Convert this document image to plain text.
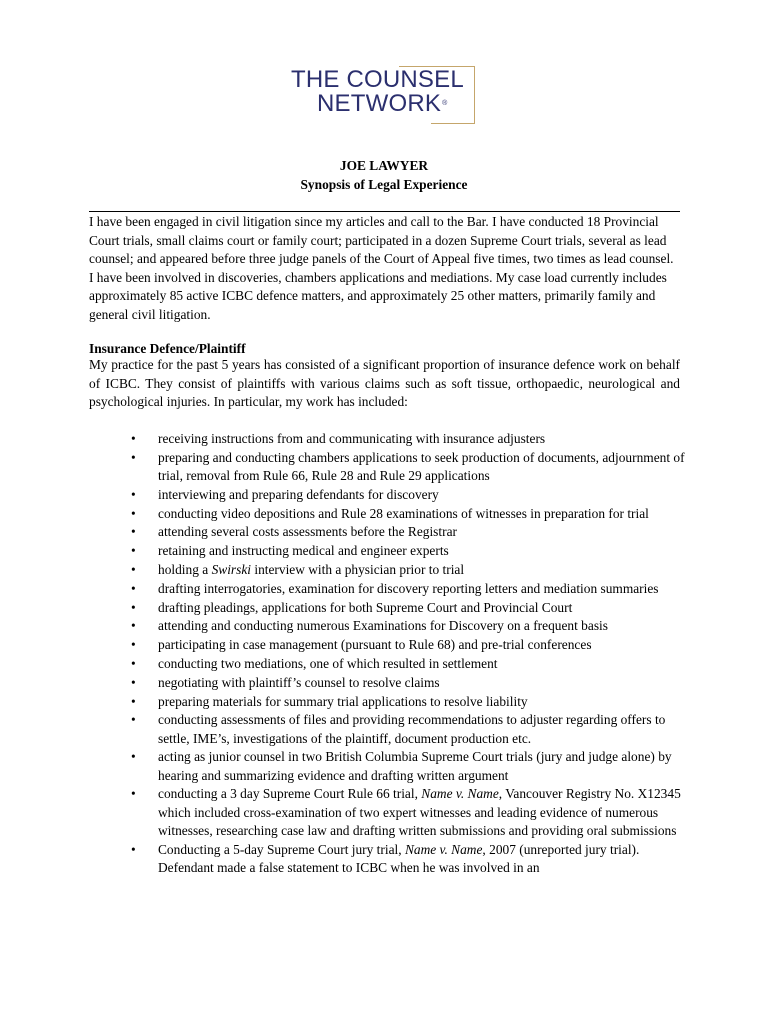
THE COUNSEL
NETWORK®
JOE LAWYER
Synopsis of Legal Experience
I have been engaged in civil litigation since my articles and call to the Bar. I have conducted 18 Provincial Court trials, small claims court or family court; participated in a dozen Supreme Court trials, several as lead counsel; and appeared before three judge panels of the Court of Appeal five times, two times as lead counsel. I have been involved in discoveries, chambers applications and mediations. My case load currently includes approximately 85 active ICBC defence matters, and approximately 25 other matters, primarily family and general civil litigation.
Insurance Defence/Plaintiff
My practice for the past 5 years has consisted of a significant proportion of insurance defence work on behalf of ICBC. They consist of plaintiffs with various claims such as soft tissue, orthopaedic, neurological and psychological injuries. In particular, my work has included:
• receiving instructions from and communicating with insurance adjusters
• preparing and conducting chambers applications to seek production of documents, adjournment of trial, removal from Rule 66, Rule 28 and Rule 29 applications
• interviewing and preparing defendants for discovery
• conducting video depositions and Rule 28 examinations of witnesses in preparation for trial
• attending several costs assessments before the Registrar
• retaining and instructing medical and engineer experts
• holding a Swirski interview with a physician prior to trial
• drafting interrogatories, examination for discovery reporting letters and mediation summaries
• drafting pleadings, applications for both Supreme Court and Provincial Court
• attending and conducting numerous Examinations for Discovery on a frequent basis
• participating in case management (pursuant to Rule 68) and pre-trial conferences
• conducting two mediations, one of which resulted in settlement
• negotiating with plaintiff’s counsel to resolve claims
• preparing materials for summary trial applications to resolve liability
• conducting assessments of files and providing recommendations to adjuster regarding offers to settle, IME’s, investigations of the plaintiff, document production etc.
• acting as junior counsel in two British Columbia Supreme Court trials (jury and judge alone) by hearing and summarizing evidence and drafting written argument
• conducting a 3 day Supreme Court Rule 66 trial, Name v. Name, Vancouver Registry No. X12345 which included cross-examination of two expert witnesses and leading evidence of numerous witnesses, researching case law and drafting written submissions and providing oral submissions
• Conducting a 5-day Supreme Court jury trial, Name v. Name, 2007 (unreported jury trial). Defendant made a false statement to ICBC when he was involved in an
